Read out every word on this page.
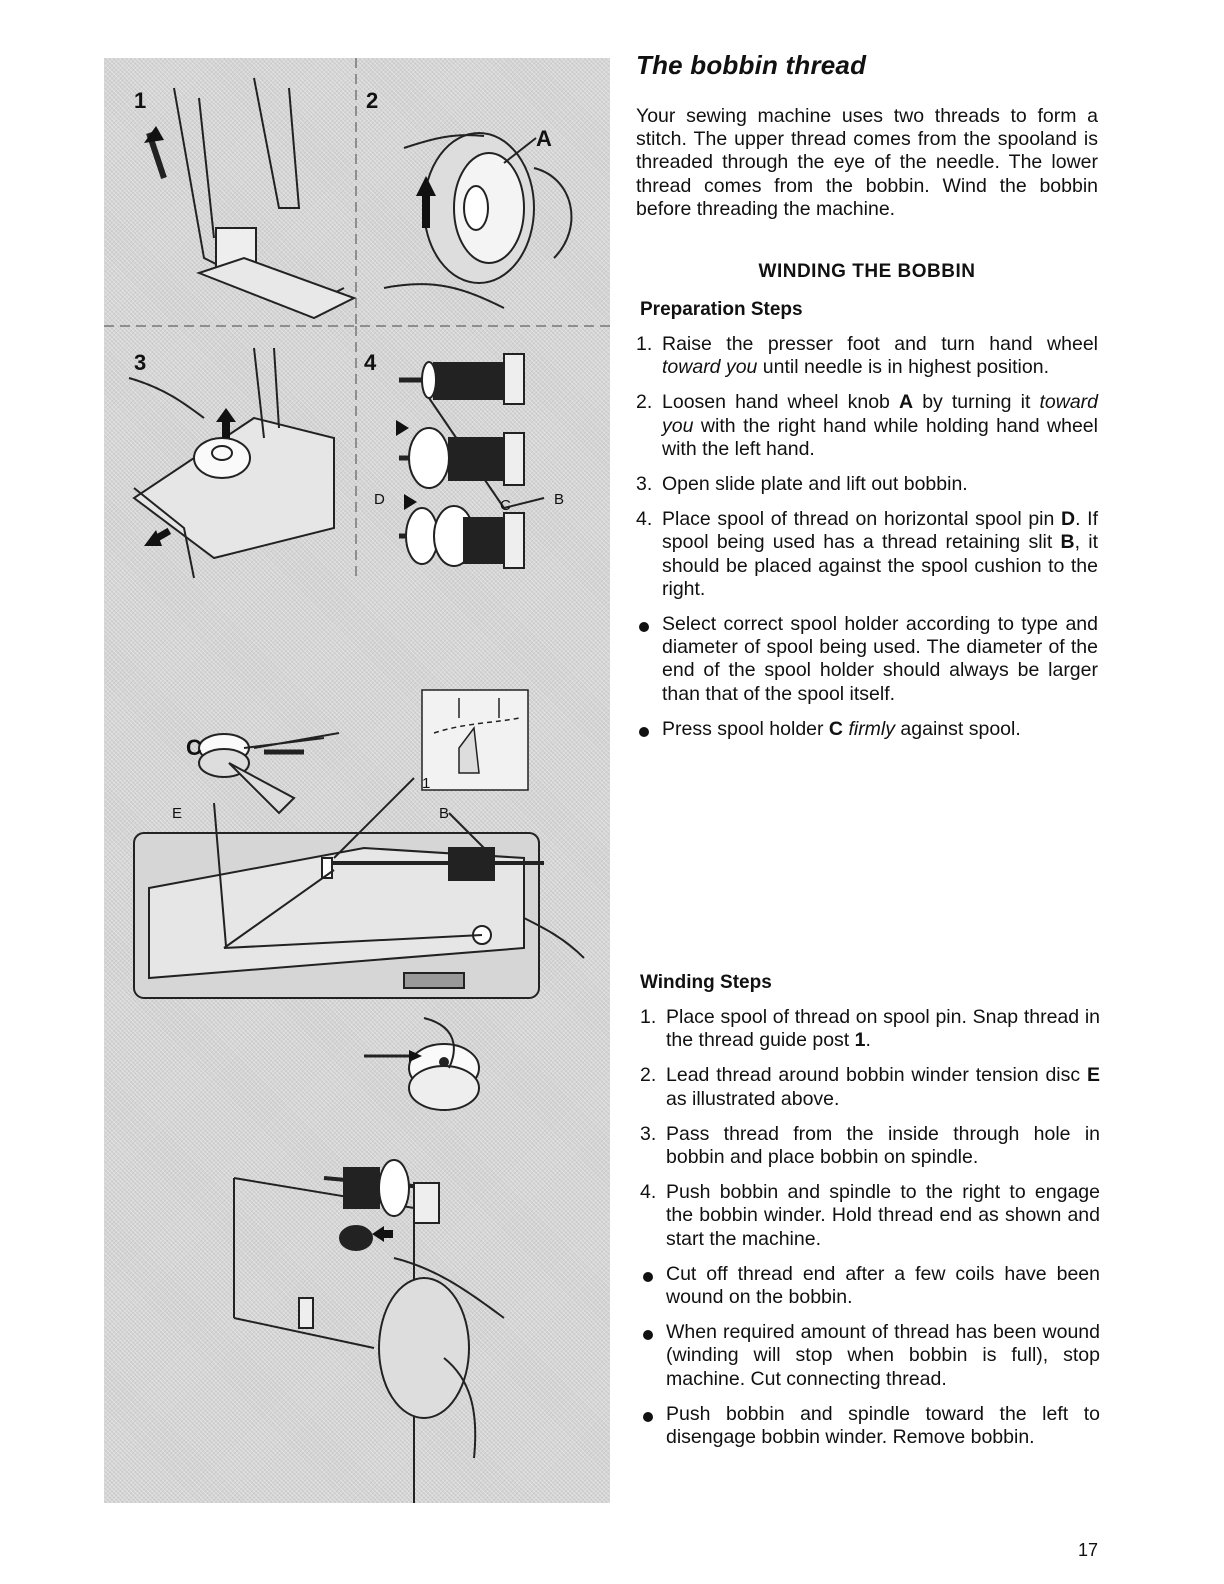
1	2
A
3	4
D	C	B
C
E	B
1
The bobbin thread

Your sewing machine uses two threads to form a stitch. The upper thread comes from the spooland is threaded through the eye of the needle. The lower thread comes from the bobbin. Wind the bobbin before threading the machine.

WINDING THE BOBBIN
Preparation Steps
1. Raise the presser foot and turn hand wheel toward you until needle is in highest position.
2. Loosen hand wheel knob A by turning it toward you with the right hand while holding hand wheel with the left hand.
3. Open slide plate and lift out bobbin.
4. Place spool of thread on horizontal spool pin D. If spool being used has a thread retaining slit B, it should be placed against the spool cushion to the right.
Select correct spool holder according to type and diameter of spool being used. The diameter of the end of the spool holder should always be larger than that of the spool itself.
Press spool holder C firmly against spool.
Winding Steps
1. Place spool of thread on spool pin. Snap thread in the thread guide post 1.
2. Lead thread around bobbin winder tension disc E as illustrated above.
3. Pass thread from the inside through hole in bobbin and place bobbin on spindle.
4. Push bobbin and spindle to the right to engage the bobbin winder. Hold thread end as shown and start the machine.
Cut off thread end after a few coils have been wound on the bobbin.
When required amount of thread has been wound (winding will stop when bobbin is full), stop machine. Cut connecting thread.
Push bobbin and spindle toward the left to disengage bobbin winder. Remove bobbin.
17
